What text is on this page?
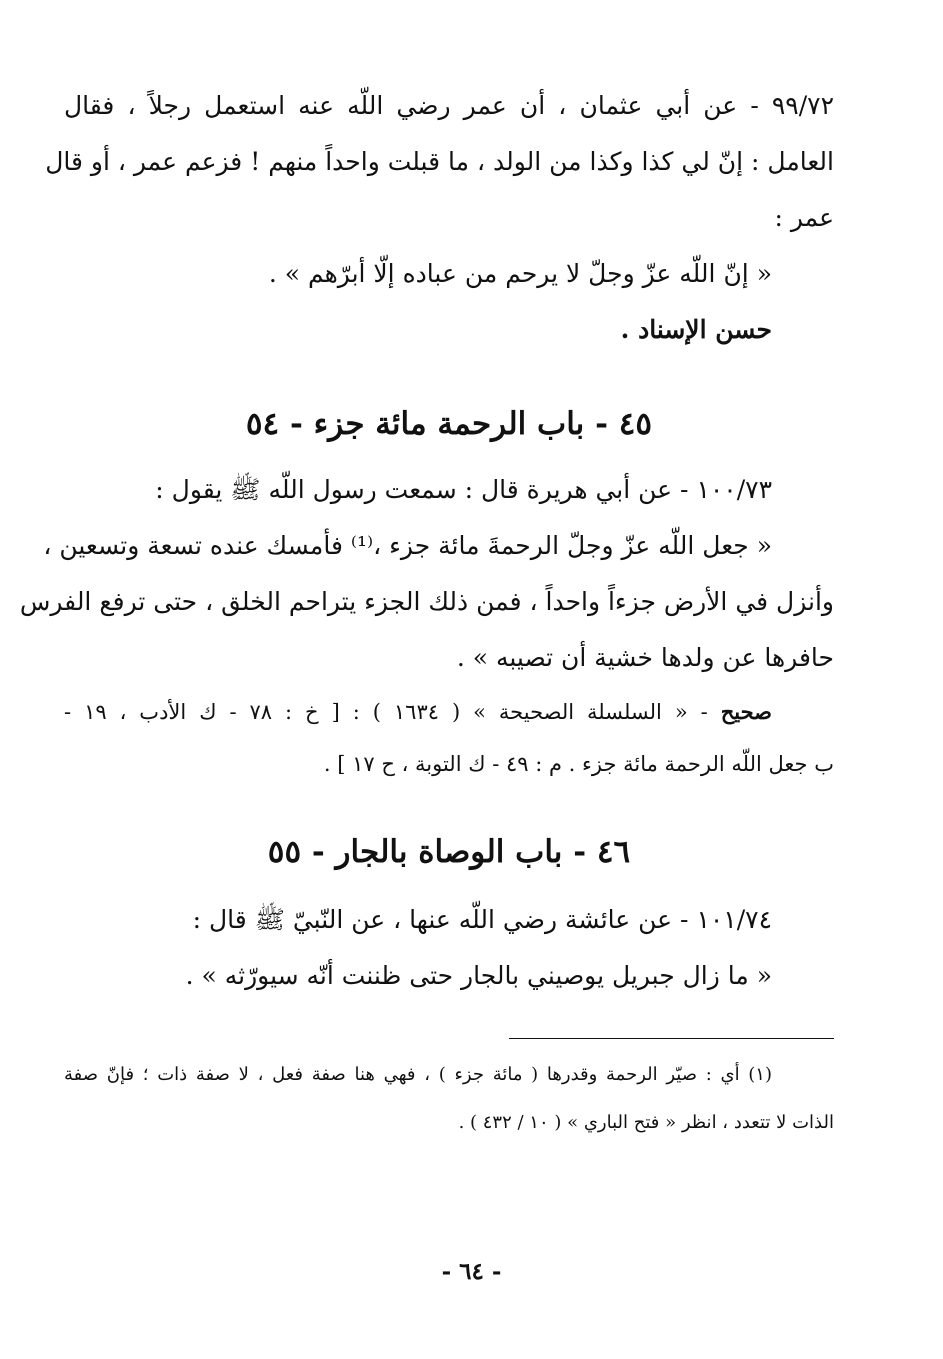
٩٩/٧٢ - عن أبي عثمان ، أن عمر رضي اللّه عنه استعمل رجلاً ، فقال
العامل : إنّ لي كذا وكذا من الولد ، ما قبلت واحداً منهم ! فزعم عمر ، أو قال
عمر :
« إنّ اللّه عزّ وجلّ لا يرحم من عباده إلّا أبرّهم » .
حسن الإسناد .
٤٥ - باب الرحمة مائة جزء - ٥٤
١٠٠/٧٣ - عن أبي هريرة قال : سمعت رسول اللّه ﷺ يقول :
« جعل اللّه عزّ وجلّ الرحمةَ مائة جزء ،⁽¹⁾ فأمسك عنده تسعة وتسعين ،
وأنزل في الأرض جزءاً واحداً ، فمن ذلك الجزء يتراحم الخلق ، حتى ترفع الفرس
حافرها عن ولدها خشية أن تصيبه » .
صحيح - « السلسلة الصحيحة » ( ١٦٣٤ ) : [ خ : ٧٨ - ك الأدب ، ١٩ -
ب جعل اللّه الرحمة مائة جزء . م : ٤٩ - ك التوبة ، ح ١٧ ] .
٤٦ - باب الوصاة بالجار - ٥٥
١٠١/٧٤ - عن عائشة رضي اللّه عنها ، عن النّبيّ ﷺ قال :
« ما زال جبريل يوصيني بالجار حتى ظننت أنّه سيورّثه » .
(١) أي : صيّر الرحمة وقدرها ( مائة جزء ) ، فهي هنا صفة فعل ، لا صفة ذات ؛ فإنّ صفة
الذات لا تتعدد ، انظر « فتح الباري » ( ١٠ / ٤٣٢ ) .
- ٦٤ -
